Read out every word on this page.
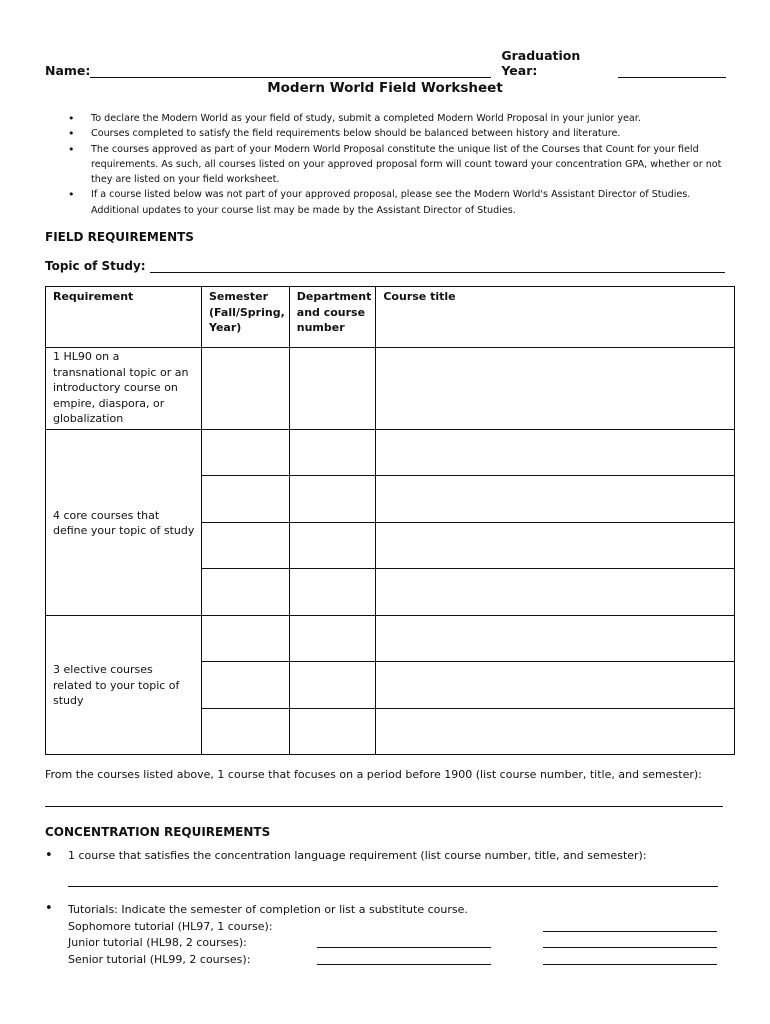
Name:
Graduation Year:
Modern World Field Worksheet
• To declare the Modern World as your field of study, submit a completed Modern World Proposal in your junior year.
• Courses completed to satisfy the field requirements below should be balanced between history and literature.
• The courses approved as part of your Modern World Proposal constitute the unique list of the Courses that Count for your field requirements. As such, all courses listed on your approved proposal form will count toward your concentration GPA, whether or not they are listed on your field worksheet.
• If a course listed below was not part of your approved proposal, please see the Modern World's Assistant Director of Studies. Additional updates to your course list may be made by the Assistant Director of Studies.
FIELD REQUIREMENTS
Topic of Study:
Requirement	Semester (Fall/Spring, Year)	Department and course number	Course title
1 HL90 on a transnational topic or an introductory course on empire, diaspora, or globalization			
4 core courses that define your topic of study			

3 elective courses related to your topic of study			

From the courses listed above, 1 course that focuses on a period before 1900 (list course number, title, and semester):
CONCENTRATION REQUIREMENTS
• 1 course that satisfies the concentration language requirement (list course number, title, and semester):
• Tutorials: Indicate the semester of completion or list a substitute course.
Sophomore tutorial (HL97, 1 course):
Junior tutorial (HL98, 2 courses):
Senior tutorial (HL99, 2 courses):
